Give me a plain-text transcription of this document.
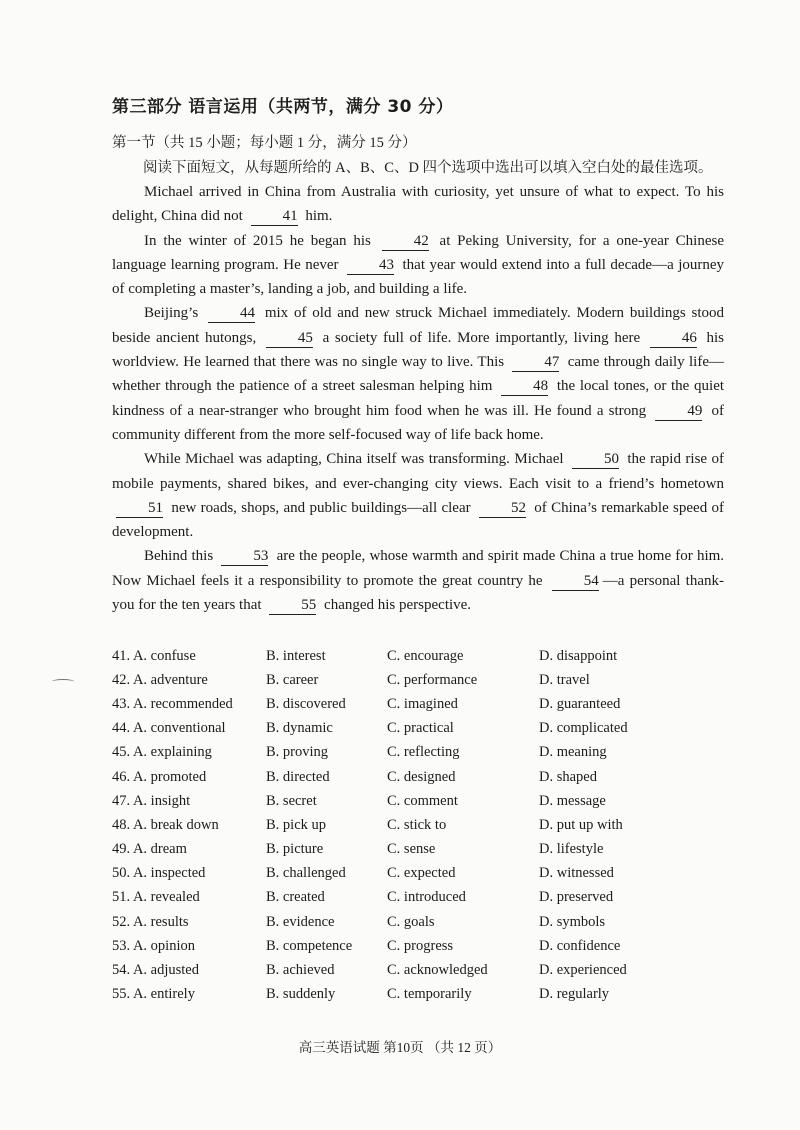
第三部分 语言运用（共两节，满分 30 分）
第一节（共 15 小题；每小题 1 分，满分 15 分）
阅读下面短文，从每题所给的 A、B、C、D 四个选项中选出可以填入空白处的最佳选项。

Michael arrived in China from Australia with curiosity, yet unsure of what to expect. To his delight, China did not	41 him.

In the winter of 2015 he began his	42 at Peking University, for a one-year Chinese language learning program. He never	43 that year would extend into a full decade—a journey of completing a master’s, landing a job, and building a life.

Beijing’s	44 mix of old and new struck Michael immediately. Modern buildings stood beside ancient hutongs,	45 a society full of life. More importantly, living here	46 his worldview. He learned that there was no single way to live. This	47 came through daily life—whether through the patience of a street salesman helping him	48 the local tones, or the quiet kindness of a near-stranger who brought him food when he was ill. He found a strong	49 of community different from the more self-focused way of life back home.

While Michael was adapting, China itself was transforming. Michael	50 the rapid rise of mobile payments, shared bikes, and ever-changing city views. Each visit to a friend’s hometown 51 new roads, shops, and public buildings—all clear	52 of China’s remarkable speed of development.

Behind this	53 are the people, whose warmth and spirit made China a true home for him. Now Michael feels it a responsibility to promote the great country he	54 —a personal thank-you for the ten years that	55 changed his perspective.

41. A. confuse	B. interest	C. encourage	D. disappoint
42. A. adventure	B. career	C. performance	D. travel
43. A. recommended	B. discovered	C. imagined	D. guaranteed
44. A. conventional	B. dynamic	C. practical	D. complicated
45. A. explaining	B. proving	C. reflecting	D. meaning
46. A. promoted	B. directed	C. designed	D. shaped
47. A. insight	B. secret	C. comment	D. message
48. A. break down	B. pick up	C. stick to	D. put up with
49. A. dream	B. picture	C. sense	D. lifestyle
50. A. inspected	B. challenged	C. expected	D. witnessed
51. A. revealed	B. created	C. introduced	D. preserved
52. A. results	B. evidence	C. goals	D. symbols
53. A. opinion	B. competence	C. progress	D. confidence
54. A. adjusted	B. achieved	C. acknowledged	D. experienced
55. A. entirely	B. suddenly	C. temporarily	D. regularly
高三英语试题 第10页 （共 12 页）
